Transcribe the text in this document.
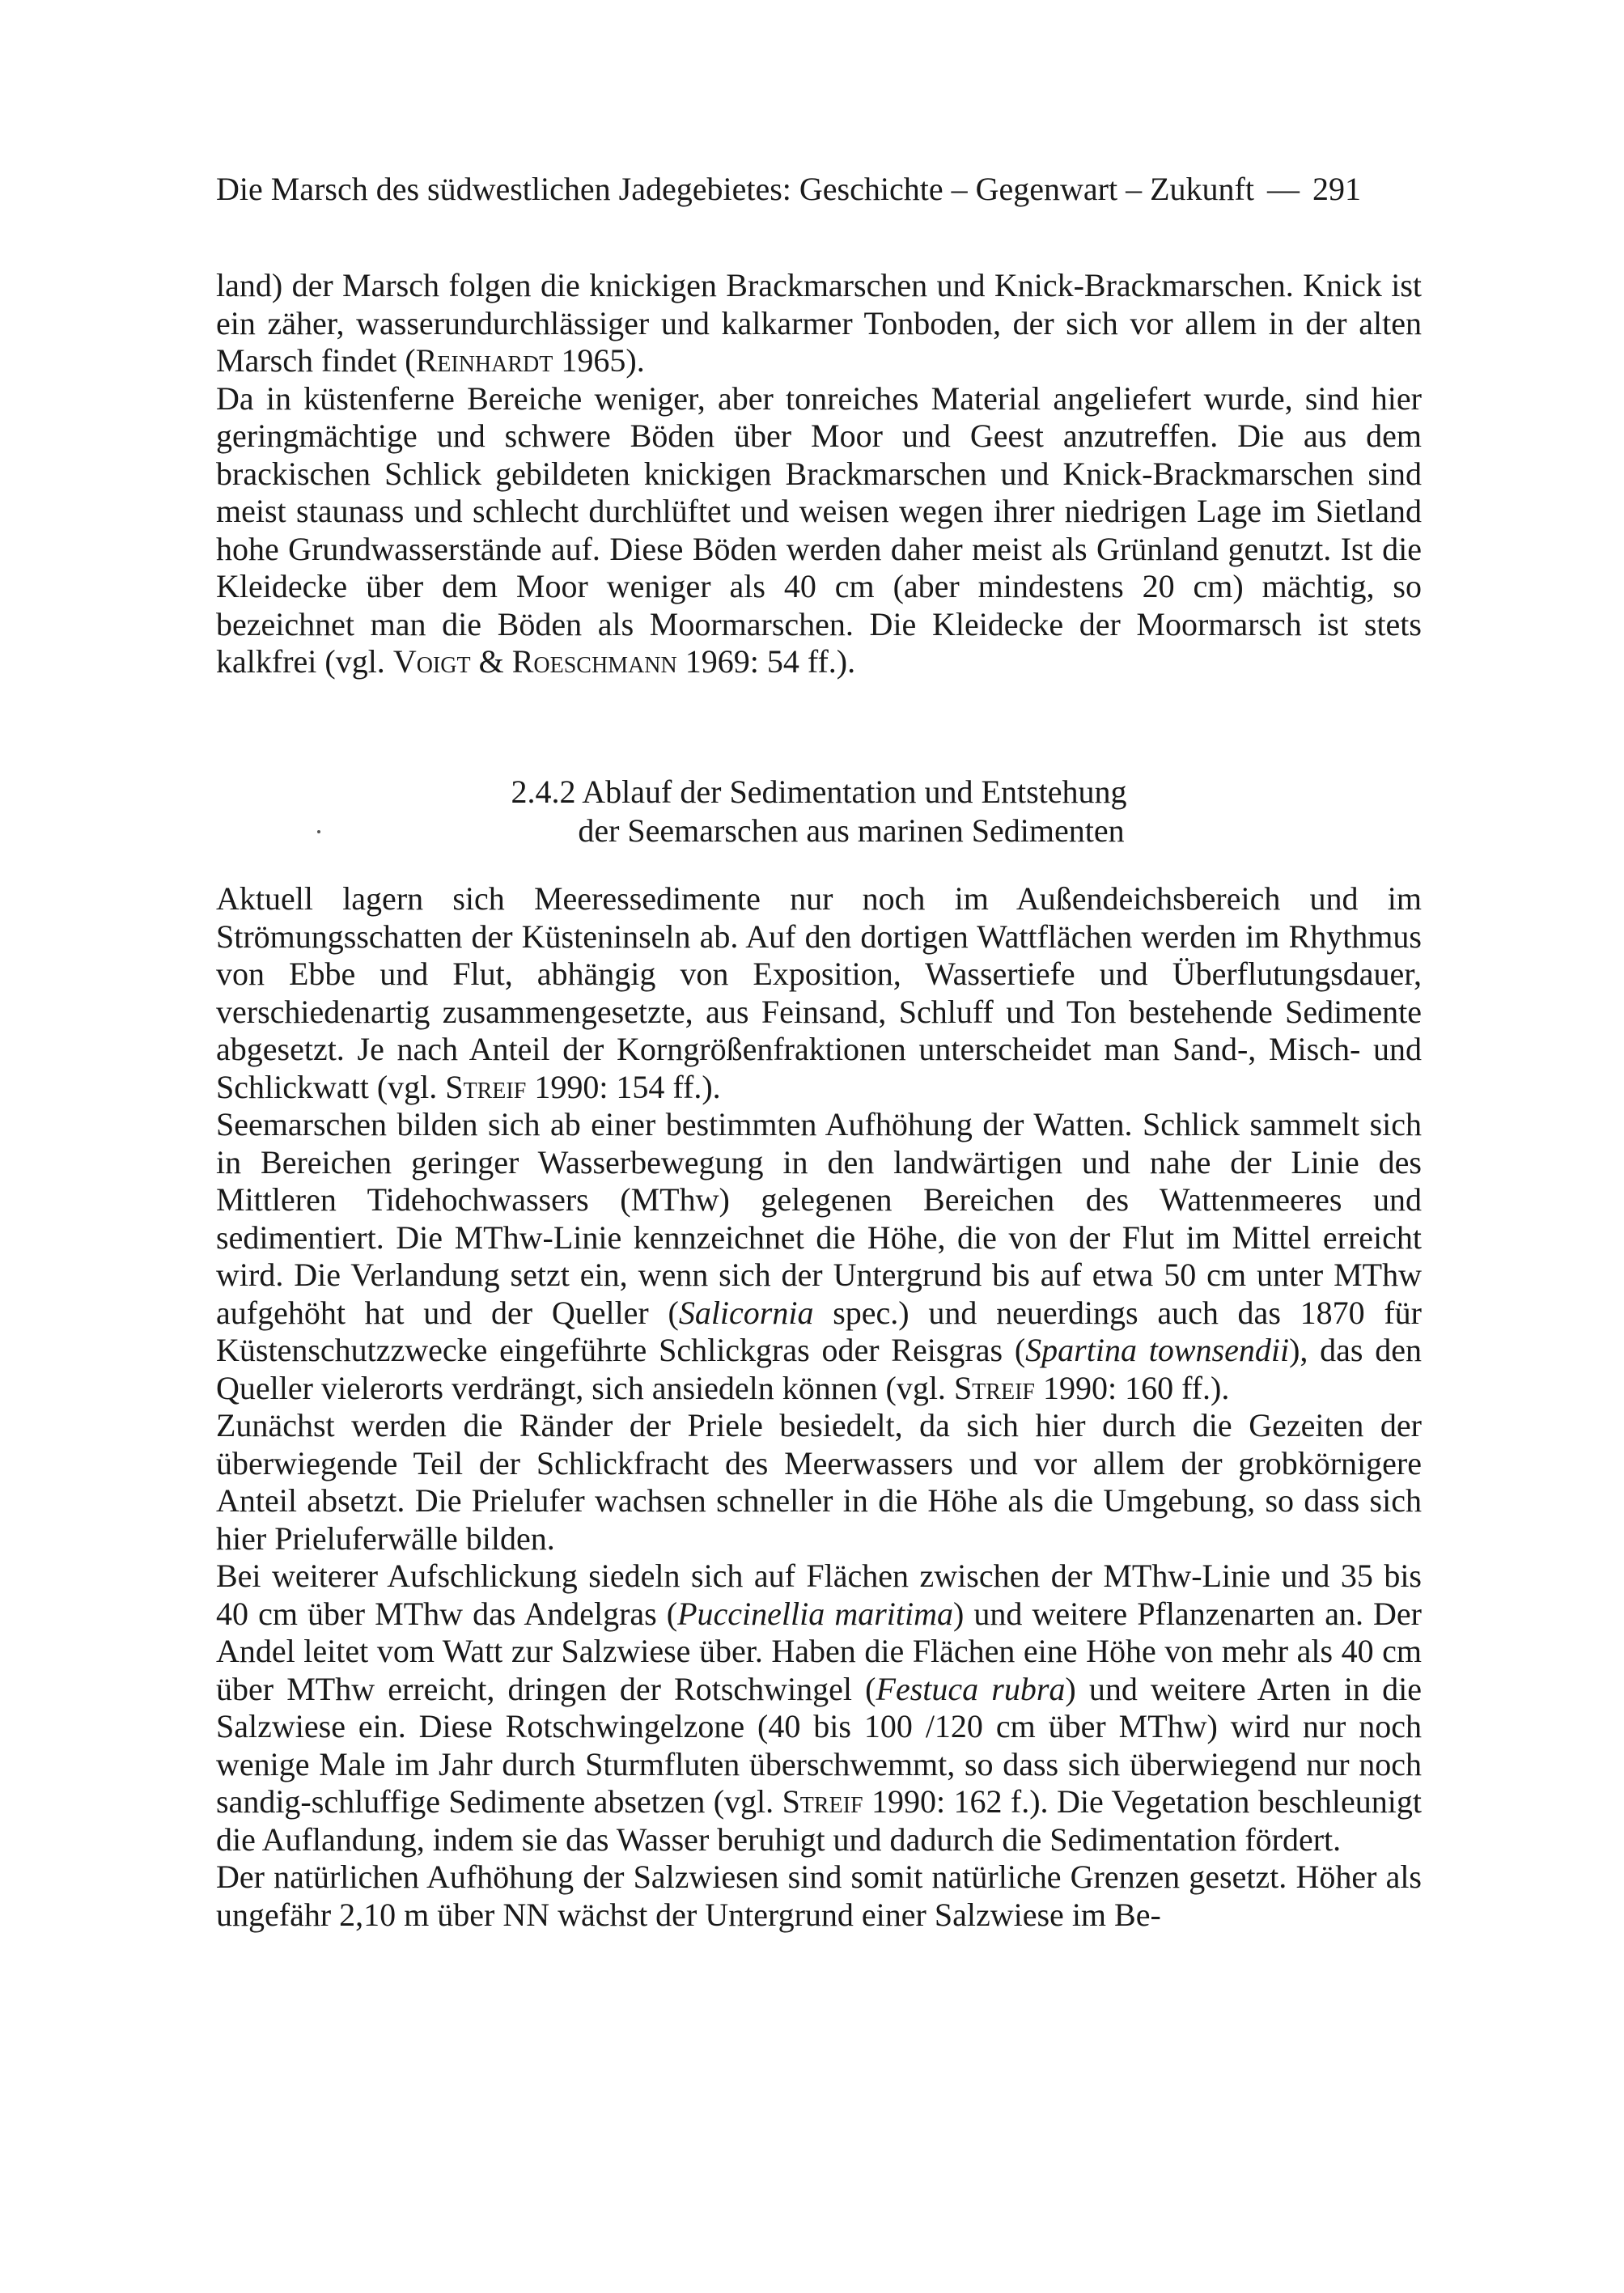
Die Marsch des südwestlichen Jadegebietes: Geschichte – Gegenwart – Zukunft — 291

land) der Marsch folgen die knickigen Brackmarschen und Knick-Brackmarschen. Knick ist ein zäher, wasserundurchlässiger und kalkarmer Tonboden, der sich vor allem in der alten Marsch findet (Reinhardt 1965).

Da in küstenferne Bereiche weniger, aber tonreiches Material angeliefert wurde, sind hier geringmächtige und schwere Böden über Moor und Geest anzutreffen. Die aus dem brackischen Schlick gebildeten knickigen Brackmarschen und Knick-Brackmarschen sind meist staunass und schlecht durchlüftet und weisen wegen ihrer niedrigen Lage im Sietland hohe Grundwasserstände auf. Diese Böden werden daher meist als Grünland genutzt. Ist die Kleidecke über dem Moor weniger als 40 cm (aber mindestens 20 cm) mächtig, so bezeichnet man die Böden als Moormarschen. Die Kleidecke der Moormarsch ist stets kalkfrei (vgl. Voigt & Roeschmann 1969: 54 ff.).

2.4.2 Ablauf der Sedimentation und Entstehung
der Seemarschen aus marinen Sedimenten

Aktuell lagern sich Meeressedimente nur noch im Außendeichsbereich und im Strömungsschatten der Küsteninseln ab. Auf den dortigen Wattflächen werden im Rhythmus von Ebbe und Flut, abhängig von Exposition, Wassertiefe und Überflutungsdauer, verschiedenartig zusammengesetzte, aus Feinsand, Schluff und Ton bestehende Sedimente abgesetzt. Je nach Anteil der Korngrößenfraktionen unterscheidet man Sand-, Misch- und Schlickwatt (vgl. Streif 1990: 154 ff.).

Seemarschen bilden sich ab einer bestimmten Aufhöhung der Watten. Schlick sammelt sich in Bereichen geringer Wasserbewegung in den landwärtigen und nahe der Linie des Mittleren Tidehochwassers (MThw) gelegenen Bereichen des Wattenmeeres und sedimentiert. Die MThw-Linie kennzeichnet die Höhe, die von der Flut im Mittel erreicht wird. Die Verlandung setzt ein, wenn sich der Untergrund bis auf etwa 50 cm unter MThw aufgehöht hat und der Queller (Salicornia spec.) und neuerdings auch das 1870 für Küstenschutzzwecke eingeführte Schlickgras oder Reisgras (Spartina townsendii), das den Queller vielerorts verdrängt, sich ansiedeln können (vgl. Streif 1990: 160 ff.).

Zunächst werden die Ränder der Priele besiedelt, da sich hier durch die Gezeiten der überwiegende Teil der Schlickfracht des Meerwassers und vor allem der grobkörnigere Anteil absetzt. Die Prielufer wachsen schneller in die Höhe als die Umgebung, so dass sich hier Prieluferwälle bilden.

Bei weiterer Aufschlickung siedeln sich auf Flächen zwischen der MThw-Linie und 35 bis 40 cm über MThw das Andelgras (Puccinellia maritima) und weitere Pflanzenarten an. Der Andel leitet vom Watt zur Salzwiese über. Haben die Flächen eine Höhe von mehr als 40 cm über MThw erreicht, dringen der Rotschwingel (Festuca rubra) und weitere Arten in die Salzwiese ein. Diese Rotschwingelzone (40 bis 100 /120 cm über MThw) wird nur noch wenige Male im Jahr durch Sturmfluten überschwemmt, so dass sich überwiegend nur noch sandig-schluffige Sedimente absetzen (vgl. Streif 1990: 162 f.). Die Vegetation beschleunigt die Auflandung, indem sie das Wasser beruhigt und dadurch die Sedimentation fördert.

Der natürlichen Aufhöhung der Salzwiesen sind somit natürliche Grenzen gesetzt. Höher als ungefähr 2,10 m über NN wächst der Untergrund einer Salzwiese im Be-
